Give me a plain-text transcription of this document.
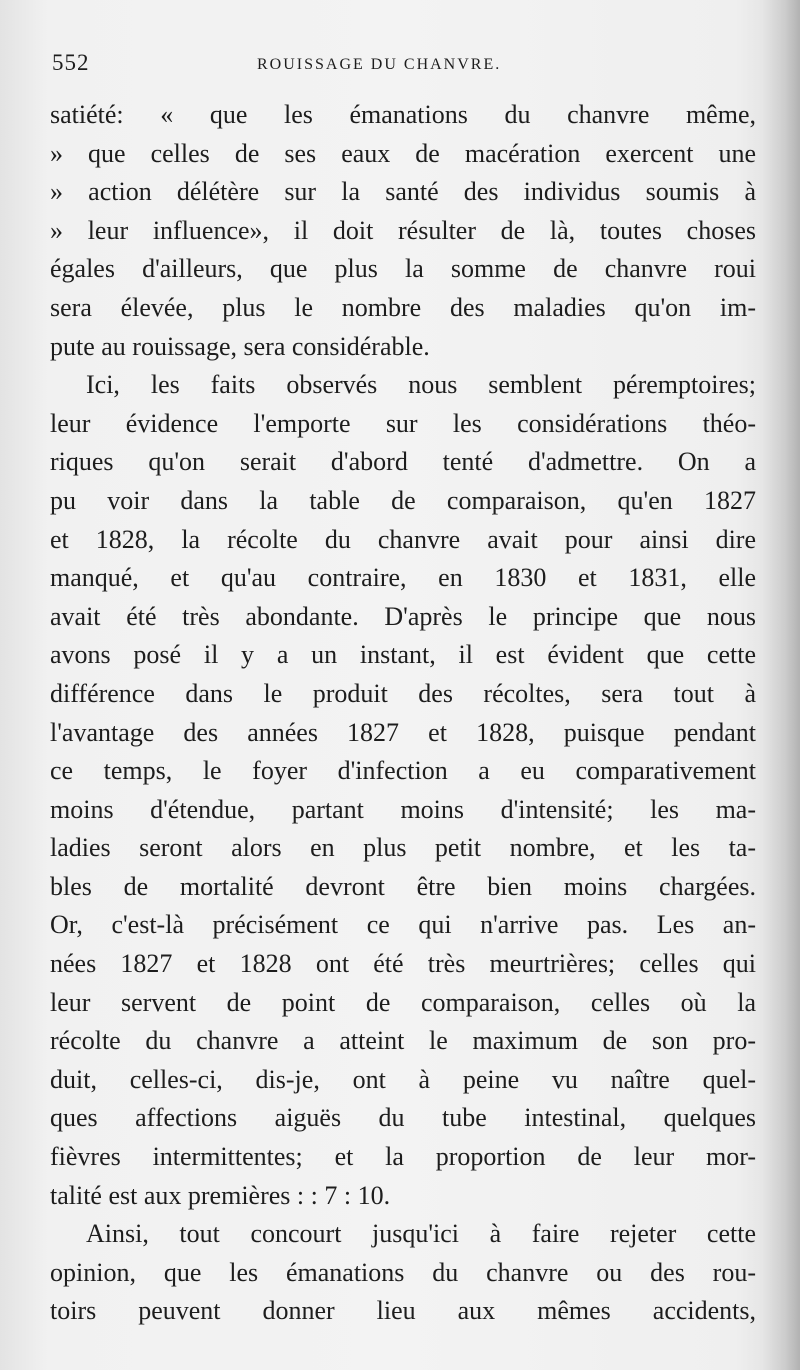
552	ROUISSAGE DU CHANVRE.
satiété: « que les émanations du chanvre même,
» que celles de ses eaux de macération exercent une
» action délétère sur la santé des individus soumis à
» leur influence», il doit résulter de là, toutes choses
égales d'ailleurs, que plus la somme de chanvre roui
sera élevée, plus le nombre des maladies qu'on im-
pute au rouissage, sera considérable.
Ici, les faits observés nous semblent péremptoires;
leur évidence l'emporte sur les considérations théo-
riques qu'on serait d'abord tenté d'admettre. On a
pu voir dans la table de comparaison, qu'en 1827
et 1828, la récolte du chanvre avait pour ainsi dire
manqué, et qu'au contraire, en 1830 et 1831, elle
avait été très abondante. D'après le principe que nous
avons posé il y a un instant, il est évident que cette
différence dans le produit des récoltes, sera tout à
l'avantage des années 1827 et 1828, puisque pendant
ce temps, le foyer d'infection a eu comparativement
moins d'étendue, partant moins d'intensité; les ma-
ladies seront alors en plus petit nombre, et les ta-
bles de mortalité devront être bien moins chargées.
Or, c'est-là précisément ce qui n'arrive pas. Les an-
nées 1827 et 1828 ont été très meurtrières; celles qui
leur servent de point de comparaison, celles où la
récolte du chanvre a atteint le maximum de son pro-
duit, celles-ci, dis-je, ont à peine vu naître quel-
ques affections aiguës du tube intestinal, quelques
fièvres intermittentes; et la proportion de leur mor-
talité est aux premières : : 7 : 10.
Ainsi, tout concourt jusqu'ici à faire rejeter cette
opinion, que les émanations du chanvre ou des rou-
toirs peuvent donner lieu aux mêmes accidents,
